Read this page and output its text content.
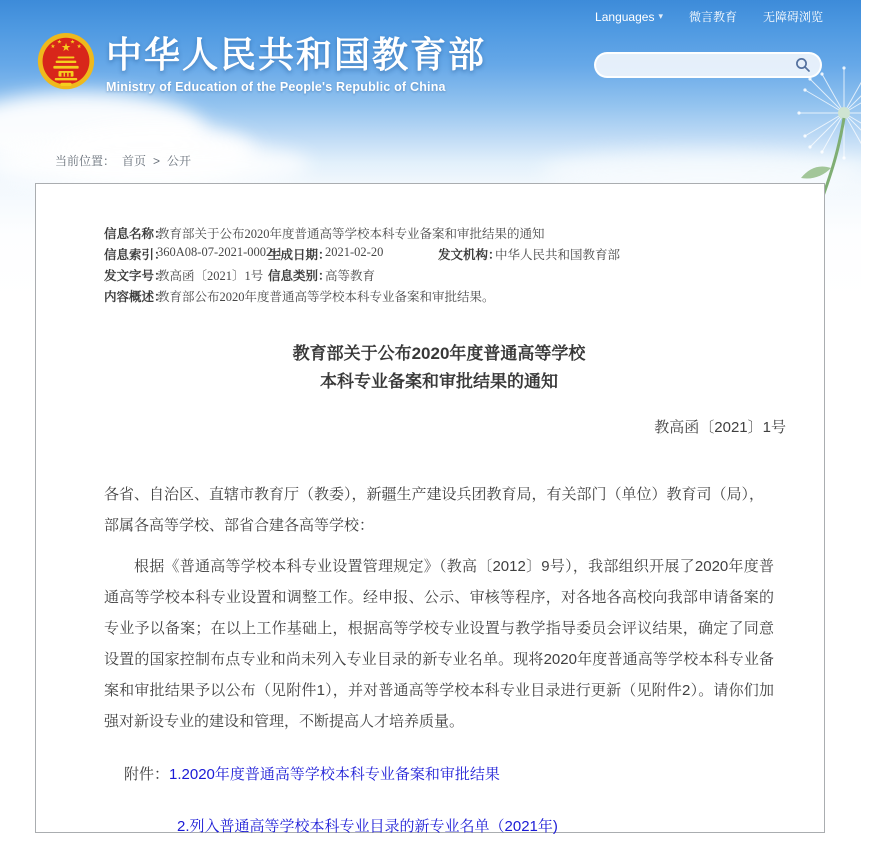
Languages ▾ 微言教育 无障碍浏览
★
★
★ ★
★ 中华人民共和国教育部
Ministry of Education of the People's Republic of China
当前位置： 首页 > 公开
信息名称：
教育部关于公布2020年度普通高等学校本科专业备案和审批结果的通知
信息索引：
360A08-07-2021-0002-1
生成日期：
2021-02-20	发文机构：
中华人民共和国教育部
发文字号：
教高函〔2021〕1号 信息类别：
高等教育
内容概述：
教育部公布2020年度普通高等学校本科专业备案和审批结果。
教育部关于公布2020年度普通高等学校
本科专业备案和审批结果的通知
教高函〔2021〕1号

各省、自治区、直辖市教育厅（教委），新疆生产建设兵团教育局，有关部门（单位）教育司（局），部属各高等学校、部省合建各高等学校：

根据《普通高等学校本科专业设置管理规定》（教高〔2012〕9号），我部组织开展了2020年度普通高等学校本科专业设置和调整工作。经申报、公示、审核等程序，对各地各高校向我部申请备案的专业予以备案；在以上工作基础上，根据高等学校专业设置与教学指导委员会评议结果，确定了同意设置的国家控制布点专业和尚未列入专业目录的新专业名单。现将2020年度普通高等学校本科专业备案和审批结果予以公布（见附件1），并对普通高等学校本科专业目录进行更新（见附件2）。请你们加强对新设专业的建设和管理，不断提高人才培养质量。

附件： 1.2020年度普通高等学校本科专业备案和审批结果
2.列入普通高等学校本科专业目录的新专业名单（2021年)
